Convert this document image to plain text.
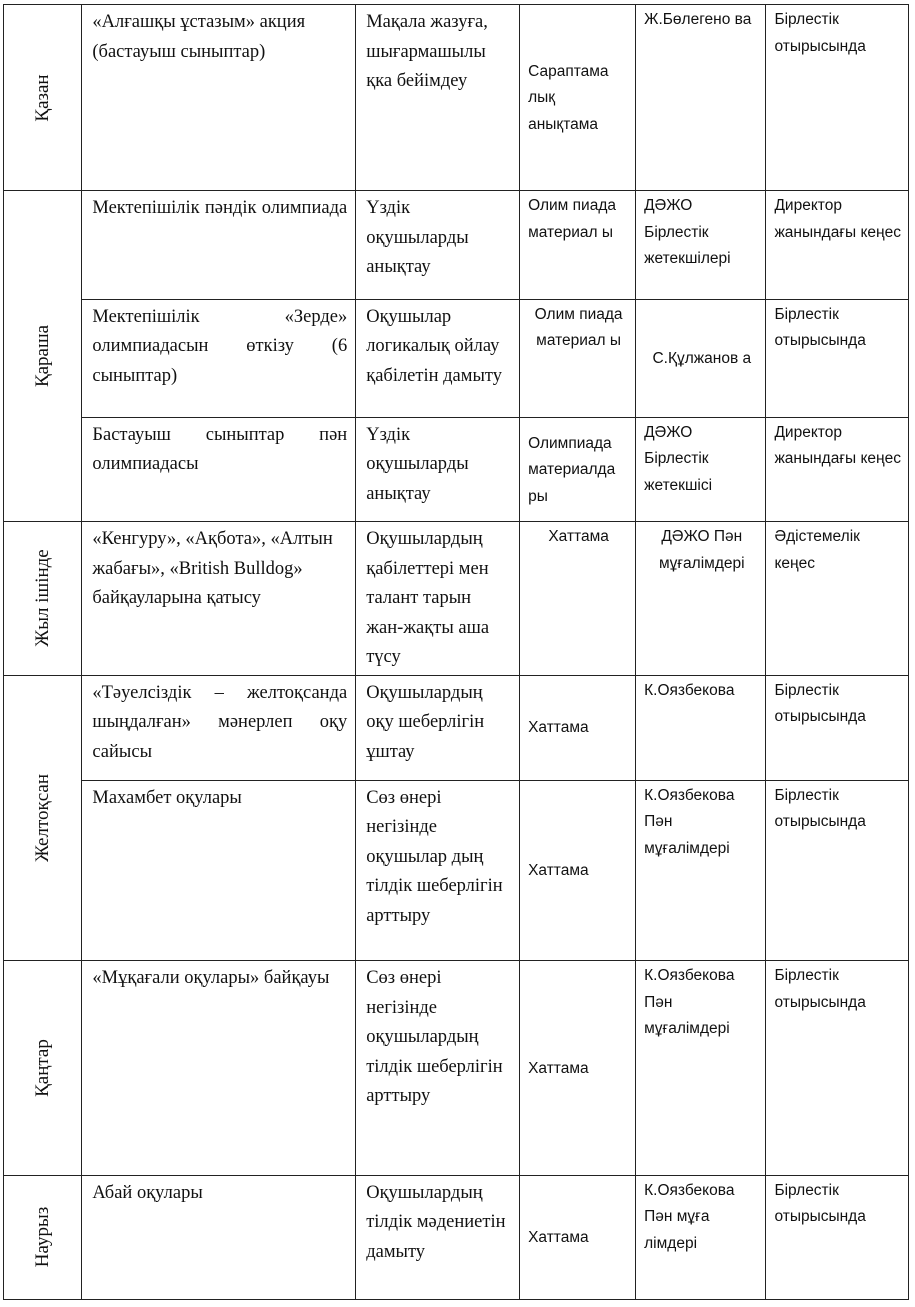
Қазан	«Алғашқы ұстазым» акция (бастауыш сыныптар)	Мақала жазуға, шығармашылы қка бейімдеу	Сараптама лық анықтама	Ж.Бөлегено ва	Бірлестік отырысында

Қараша	Мектепішілік пәндік олимпиада	Үздік оқушыларды анықтау	Олим пиада материал ы	ДӘЖО Бірлестік жетекшілері	Директор жанындағы кеңес

	Мектепішілік «Зерде» олимпиадасын өткізу (6 сыныптар)	Оқушылар логикалық ойлау қабілетін дамыту	Олим пиада материал ы	С.Құлжанов а	Бірлестік отырысында

	Бастауыш сыныптар пән олимпиадасы	Үздік оқушыларды анықтау	Олимпиада материалда ры	ДӘЖО Бірлестік жетекшісі	Директор жанындағы кеңес

Жыл ішінде	«Кенгуру», «Ақбота», «Алтын жабағы», «British Bulldog» байқауларына қатысу	Оқушылардың қабілеттері мен талант тарын жан-жақты аша түсу	Хаттама	ДӘЖО Пән мұғалімдері	Әдістемелік кеңес

Желтоқсан	«Тәуелсіздік – желтоқсанда шыңдалған» мәнерлеп оқу сайысы	Оқушылардың оқу шеберлігін ұштау	Хаттама	К.Оязбекова	Бірлестік отырысында

	Махамбет оқулары	Сөз өнері негізінде оқушылар дың тілдік шеберлігін арттыру	Хаттама	К.Оязбекова Пән мұғалімдері	Бірлестік отырысында

Қаңтар	«Мұқағали оқулары» байқауы	Сөз өнері негізінде оқушылардың тілдік шеберлігін арттыру	Хаттама	К.Оязбекова Пән мұғалімдері	Бірлестік отырысында

Наурыз	Абай оқулары	Оқушылардың тілдік мәдениетін дамыту	Хаттама	К.Оязбекова Пән мұға лімдері	Бірлестік отырысында
